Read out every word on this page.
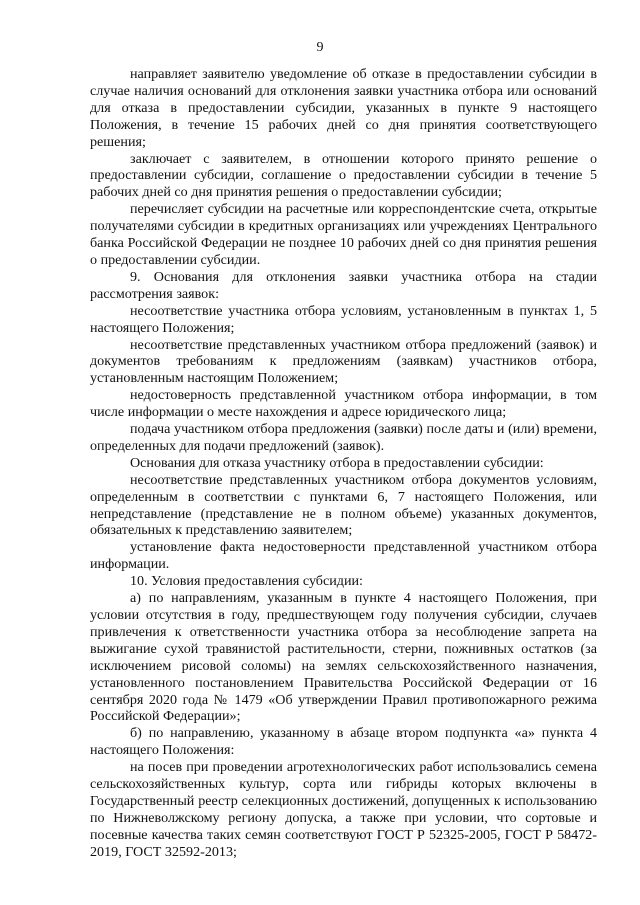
9

направляет заявителю уведомление об отказе в предоставлении субсидии в случае наличия оснований для отклонения заявки участника отбора или оснований для отказа в предоставлении субсидии, указанных в пункте 9 настоящего Положения, в течение 15 рабочих дней со дня принятия соответствующего решения;

заключает с заявителем, в отношении которого принято решение о предоставлении субсидии, соглашение о предоставлении субсидии в течение 5 рабочих дней со дня принятия решения о предоставлении субсидии;

перечисляет субсидии на расчетные или корреспондентские счета, открытые получателями субсидии в кредитных организациях или учреждениях Центрального банка Российской Федерации не позднее 10 рабочих дней со дня принятия решения о предоставлении субсидии.

9. Основания для отклонения заявки участника отбора на стадии рассмотрения заявок:

несоответствие участника отбора условиям, установленным в пунктах 1, 5 настоящего Положения;

несоответствие представленных участником отбора предложений (заявок) и документов требованиям к предложениям (заявкам) участников отбора, установленным настоящим Положением;

недостоверность представленной участником отбора информации, в том числе информации о месте нахождения и адресе юридического лица;

подача участником отбора предложения (заявки) после даты и (или) времени, определенных для подачи предложений (заявок).

Основания для отказа участнику отбора в предоставлении субсидии:

несоответствие представленных участником отбора документов условиям, определенным в соответствии с пунктами 6, 7 настоящего Положения, или непредставление (представление не в полном объеме) указанных документов, обязательных к представлению заявителем;

установление факта недостоверности представленной участником отбора информации.

10. Условия предоставления субсидии:

а) по направлениям, указанным в пункте 4 настоящего Положения, при условии отсутствия в году, предшествующем году получения субсидии, случаев привлечения к ответственности участника отбора за несоблюдение запрета на выжигание сухой травянистой растительности, стерни, пожнивных остатков (за исключением рисовой соломы) на землях сельскохозяйственного назначения, установленного постановлением Правительства Российской Федерации от 16 сентября 2020 года № 1479 «Об утверждении Правил противопожарного режима Российской Федерации»;

б) по направлению, указанному в абзаце втором подпункта «а» пункта 4 настоящего Положения:

на посев при проведении агротехнологических работ использовались семена сельскохозяйственных культур, сорта или гибриды которых включены в Государственный реестр селекционных достижений, допущенных к использованию по Нижневолжскому региону допуска, а также при условии, что сортовые и посевные качества таких семян соответствуют ГОСТ Р 52325-2005, ГОСТ Р 58472-2019, ГОСТ 32592-2013;
